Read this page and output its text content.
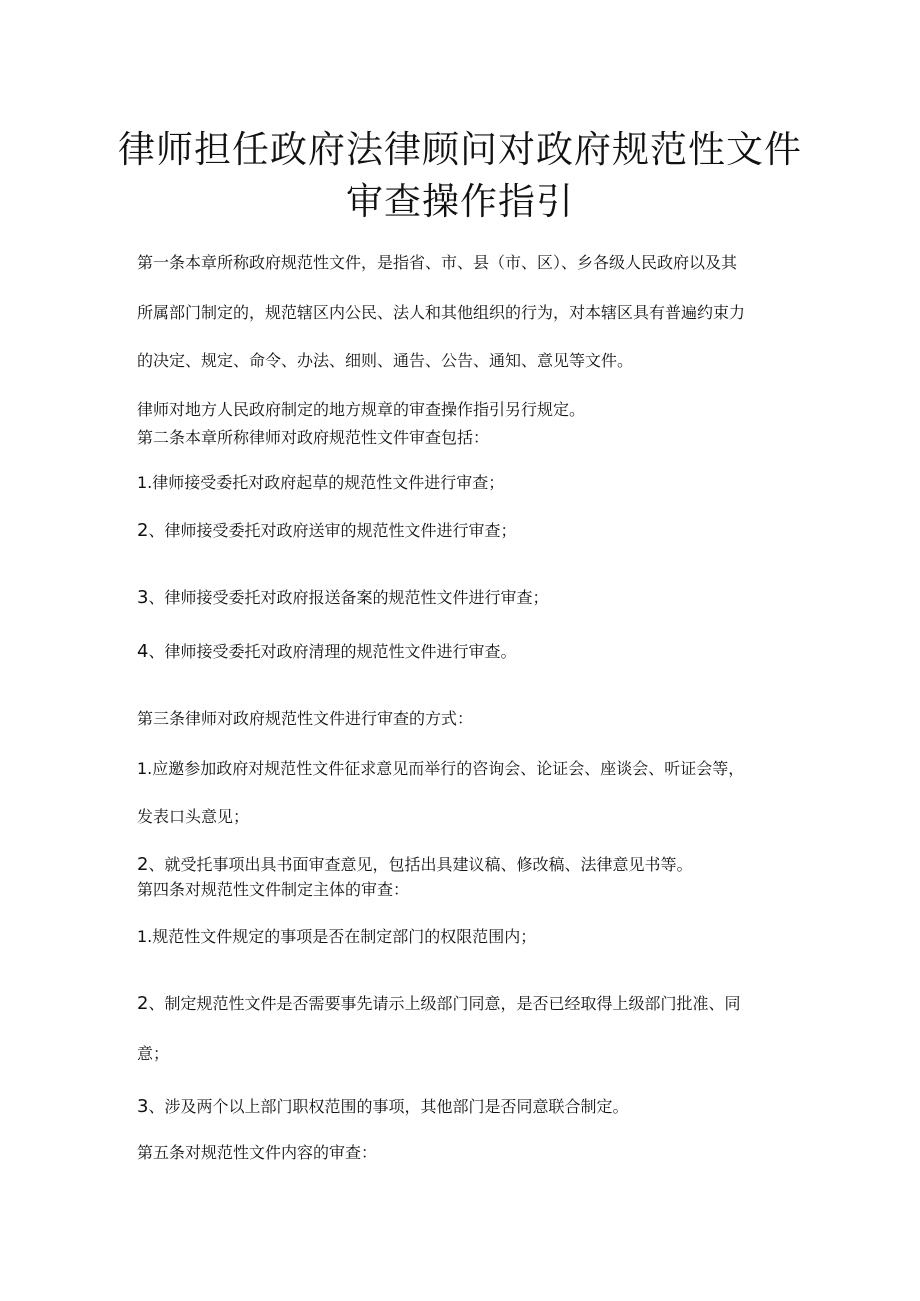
律师担任政府法律顾问对政府规范性文件
审查操作指引
第一条本章所称政府规范性文件，是指省、市、县（市、区）、乡各级人民政府以及其
所属部门制定的，规范辖区内公民、法人和其他组织的行为，对本辖区具有普遍约束力
的决定、规定、命令、办法、细则、通告、公告、通知、意见等文件。
律师对地方人民政府制定的地方规章的审查操作指引另行规定。
第二条本章所称律师对政府规范性文件审查包括：
1.律师接受委托对政府起草的规范性文件进行审查；
2、律师接受委托对政府送审的规范性文件进行审查；
3、律师接受委托对政府报送备案的规范性文件进行审查；
4、律师接受委托对政府清理的规范性文件进行审查。
第三条律师对政府规范性文件进行审查的方式：
1.应邀参加政府对规范性文件征求意见而举行的咨询会、论证会、座谈会、听证会等，
发表口头意见；
2、就受托事项出具书面审查意见，包括出具建议稿、修改稿、法律意见书等。
第四条对规范性文件制定主体的审查：
1.规范性文件规定的事项是否在制定部门的权限范围内；
2、制定规范性文件是否需要事先请示上级部门同意，是否已经取得上级部门批准、同
意；
3、涉及两个以上部门职权范围的事项，其他部门是否同意联合制定。
第五条对规范性文件内容的审查：
